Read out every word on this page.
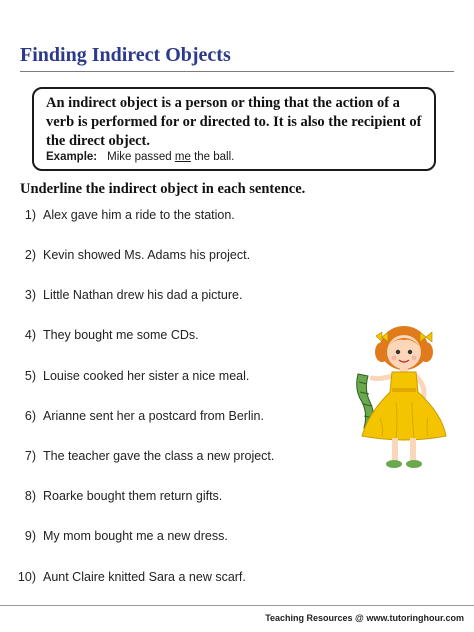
Finding Indirect Objects
An indirect object is a person or thing that the action of a verb is performed for or directed to. It is also the recipient of the direct object.
Example: Mike passed me the ball.
Underline the indirect object in each sentence.
1) Alex gave him a ride to the station.
2) Kevin showed Ms. Adams his project.
3) Little Nathan drew his dad a picture.
4) They bought me some CDs.
5) Louise cooked her sister a nice meal.
6) Arianne sent her a postcard from Berlin.
7) The teacher gave the class a new project.
8) Roarke bought them return gifts.
9) My mom bought me a new dress.
10) Aunt Claire knitted Sara a new scarf.
Teaching Resources @ www.tutoringhour.com
